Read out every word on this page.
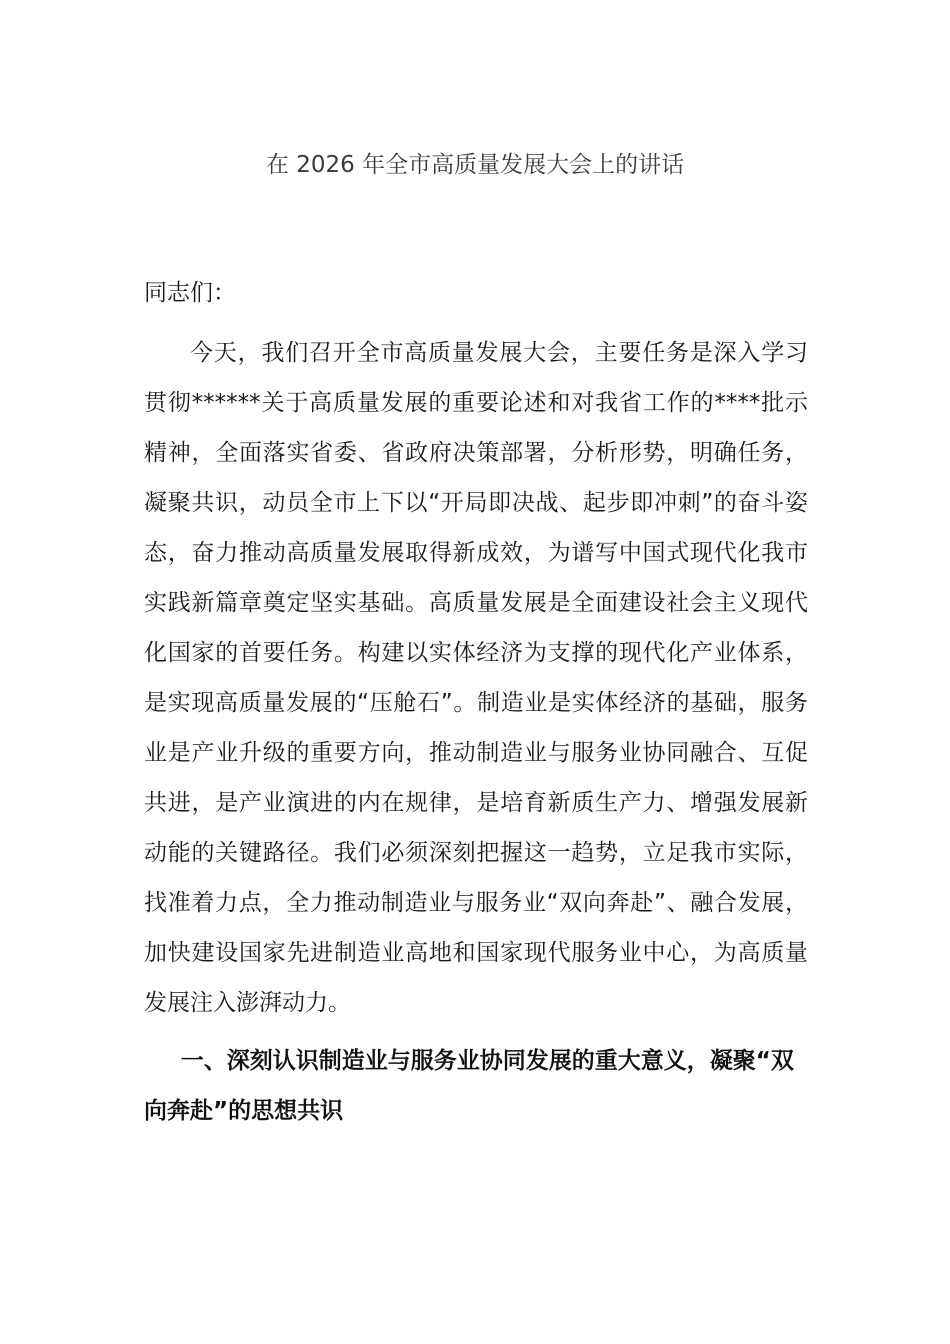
在 2026 年全市高质量发展大会上的讲话

同志们：

今天，我们召开全市高质量发展大会，主要任务是深入学习贯彻******关于高质量发展的重要论述和对我省工作的****批示精神，全面落实省委、省政府决策部署，分析形势，明确任务，凝聚共识，动员全市上下以“开局即决战、起步即冲刺”的奋斗姿态，奋力推动高质量发展取得新成效，为谱写中国式现代化我市实践新篇章奠定坚实基础。高质量发展是全面建设社会主义现代化国家的首要任务。构建以实体经济为支撑的现代化产业体系，是实现高质量发展的“压舱石”。制造业是实体经济的基础，服务业是产业升级的重要方向，推动制造业与服务业协同融合、互促共进，是产业演进的内在规律，是培育新质生产力、增强发展新动能的关键路径。我们必须深刻把握这一趋势，立足我市实际，找准着力点，全力推动制造业与服务业“双向奔赴”、融合发展，加快建设国家先进制造业高地和国家现代服务业中心，为高质量发展注入澎湃动力。

一、深刻认识制造业与服务业协同发展的重大意义，凝聚“双向奔赴”的思想共识
